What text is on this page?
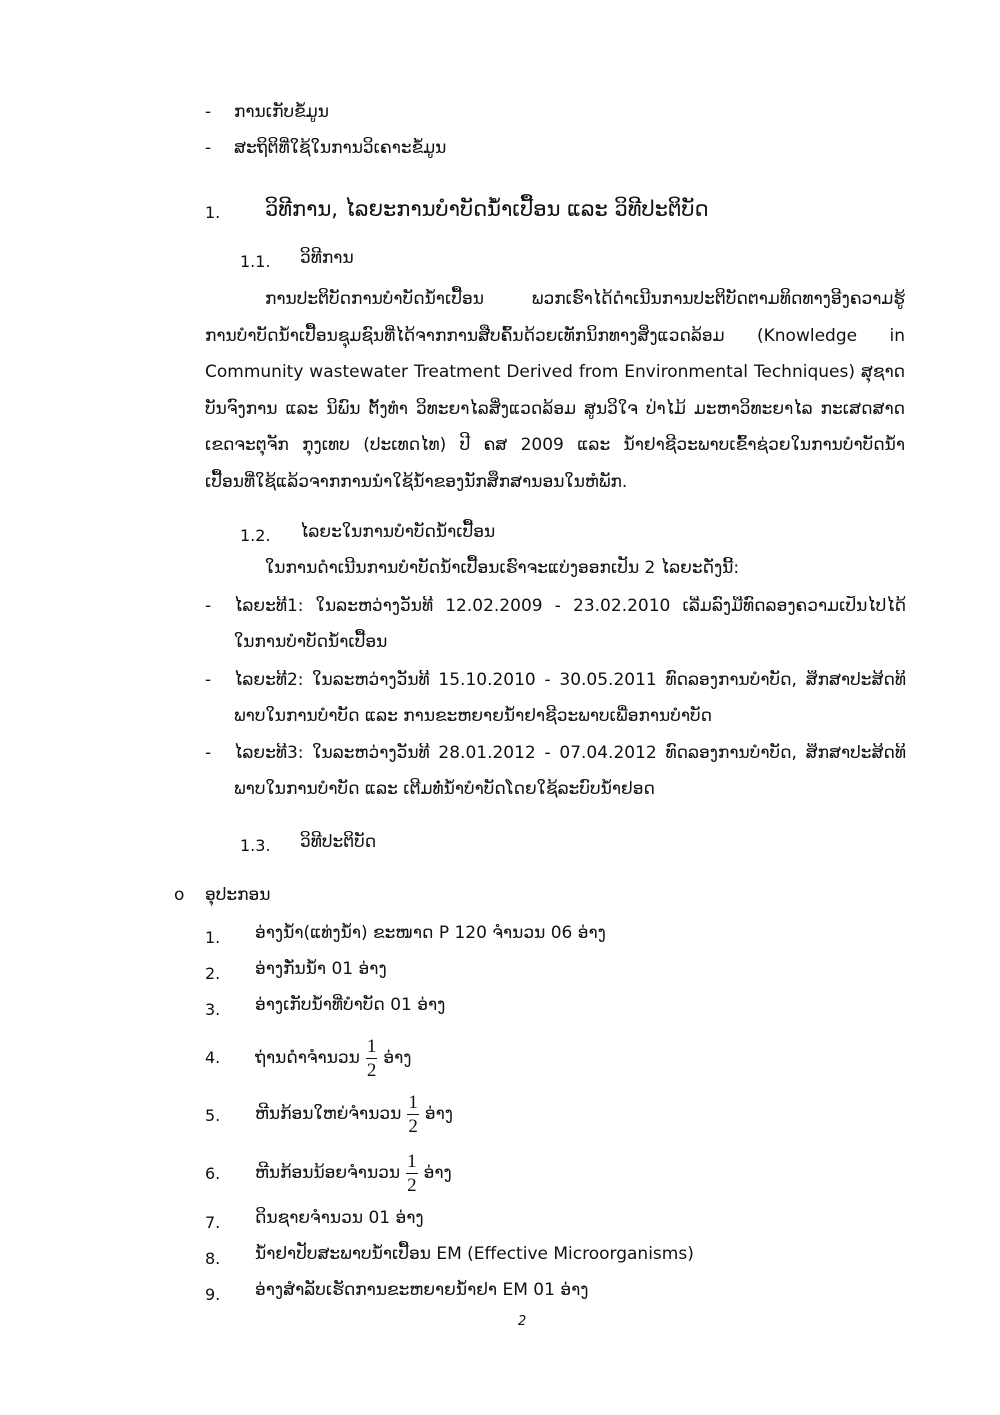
- ການເກັບຂໍ້ມູນ
- ສະຖິຕິທີ່ໃຊ້ໃນການວິເຄາະຂໍ້ມູນ
1. ວິທີການ, ໄລຍະການບຳບັດນ້ຳເປື້ອນ ແລະ ວິທີປະຕິບັດ
1.1. ວິທີການ
ການປະຕິບັດການບຳບັດນ້ຳເປື້ອນ ພວກເຮົາໄດ້ດຳເນີນການປະຕິບັດຕາມທິດທາງອີງຄວາມຮູ້
ການບຳບັດນ້ຳເປື້ອນຊຸມຊົນທີ່ໄດ້ຈາກການສືບຄົ້ນດ້ວຍເທັກນິກທາງສິ່ງແວດລ້ອມ (Knowledge in
Community wastewater Treatment Derived from Environmental Techniques) ສຸຊາດ
ບັນຈົງການ ແລະ ນິພົນ ຕັ້ງທຳ ວິທະຍາໄລສິ່ງແວດລ້ອມ ສູນວິໃຈ ປ່າໄມ້ ມະຫາວິທະຍາໄລ ກະເສດສາດ
ເຂດຈະຕຸຈັກ ກຸງເທບ (ປະເທດໄທ) ປີ ຄສ 2009 ແລະ ນ້ຳຢາຊີວະພາບເຂົ້າຊ່ວຍໃນການບຳບັດນ້ຳ
ເປື້ອນທີ່ໃຊ້ແລ້ວຈາກການນຳໃຊ້ນ້ຳຂອງນັກສຶກສານອນໃນຫໍພັກ.
1.2. ໄລຍະໃນການບຳບັດນ້ຳເປື້ອນ
ໃນການດຳເນີນການບຳບັດນ້ຳເປື້ອນເຮົາຈະແບ່ງອອກເປັນ 2 ໄລຍະດັ່ງນີ້:
- ໄລຍະທີ1: ໃນລະຫວ່າງວັນທີ 12.02.2009 - 23.02.2010 ເລີ່ມລົງມືທົດລອງຄວາມເປັນໄປໄດ້
ໃນການບຳບັດນ້ຳເປື້ອນ
- ໄລຍະທີ2: ໃນລະຫວ່າງວັນທີ 15.10.2010 - 30.05.2011 ທົດລອງການບຳບັດ, ສຶກສາປະສິດທິ
ພາບໃນການບຳບັດ ແລະ ການຂະຫຍາຍນ້ຳຢາຊີວະພາບເພື່ອການບຳບັດ
- ໄລຍະທີ3: ໃນລະຫວ່າງວັນທີ 28.01.2012 - 07.04.2012 ທົດລອງການບຳບັດ, ສຶກສາປະສິດທິ
ພາບໃນການບຳບັດ ແລະ ເຕີມທໍ່ນ້ຳບຳບັດໂດຍໃຊ້ລະບົບນ້ຳຢອດ
1.3. ວິທີປະຕິບັດ
o ອຸປະກອນ
1. ອ່າງນ້ຳ(ແທ່ງນ້ຳ) ຂະໜາດ P 120 ຈຳນວນ 06 ອ່າງ
2. ອ່າງກັ່ນນ້ຳ 01 ອ່າງ
3. ອ່າງເກັບນ້ຳທີ່ບຳບັດ 01 ອ່າງ
4. ຖ່ານດຳຈຳນວນ $\frac{1}{2}$ ອ່າງ
5. ຫີນກ້ອນໃຫຍ່ຈຳນວນ $\frac{1}{2}$ ອ່າງ
6. ຫີນກ້ອນນ້ອຍຈຳນວນ $\frac{1}{2}$ ອ່າງ
7. ດິນຊາຍຈຳນວນ 01 ອ່າງ
8. ນ້ຳຢາປັບສະພາບນ້ຳເປື້ອນ EM (Effective Microorganisms)
9. ອ່າງສຳລັບເຮັດການຂະຫຍາຍນ້ຳຢາ EM 01 ອ່າງ
2
